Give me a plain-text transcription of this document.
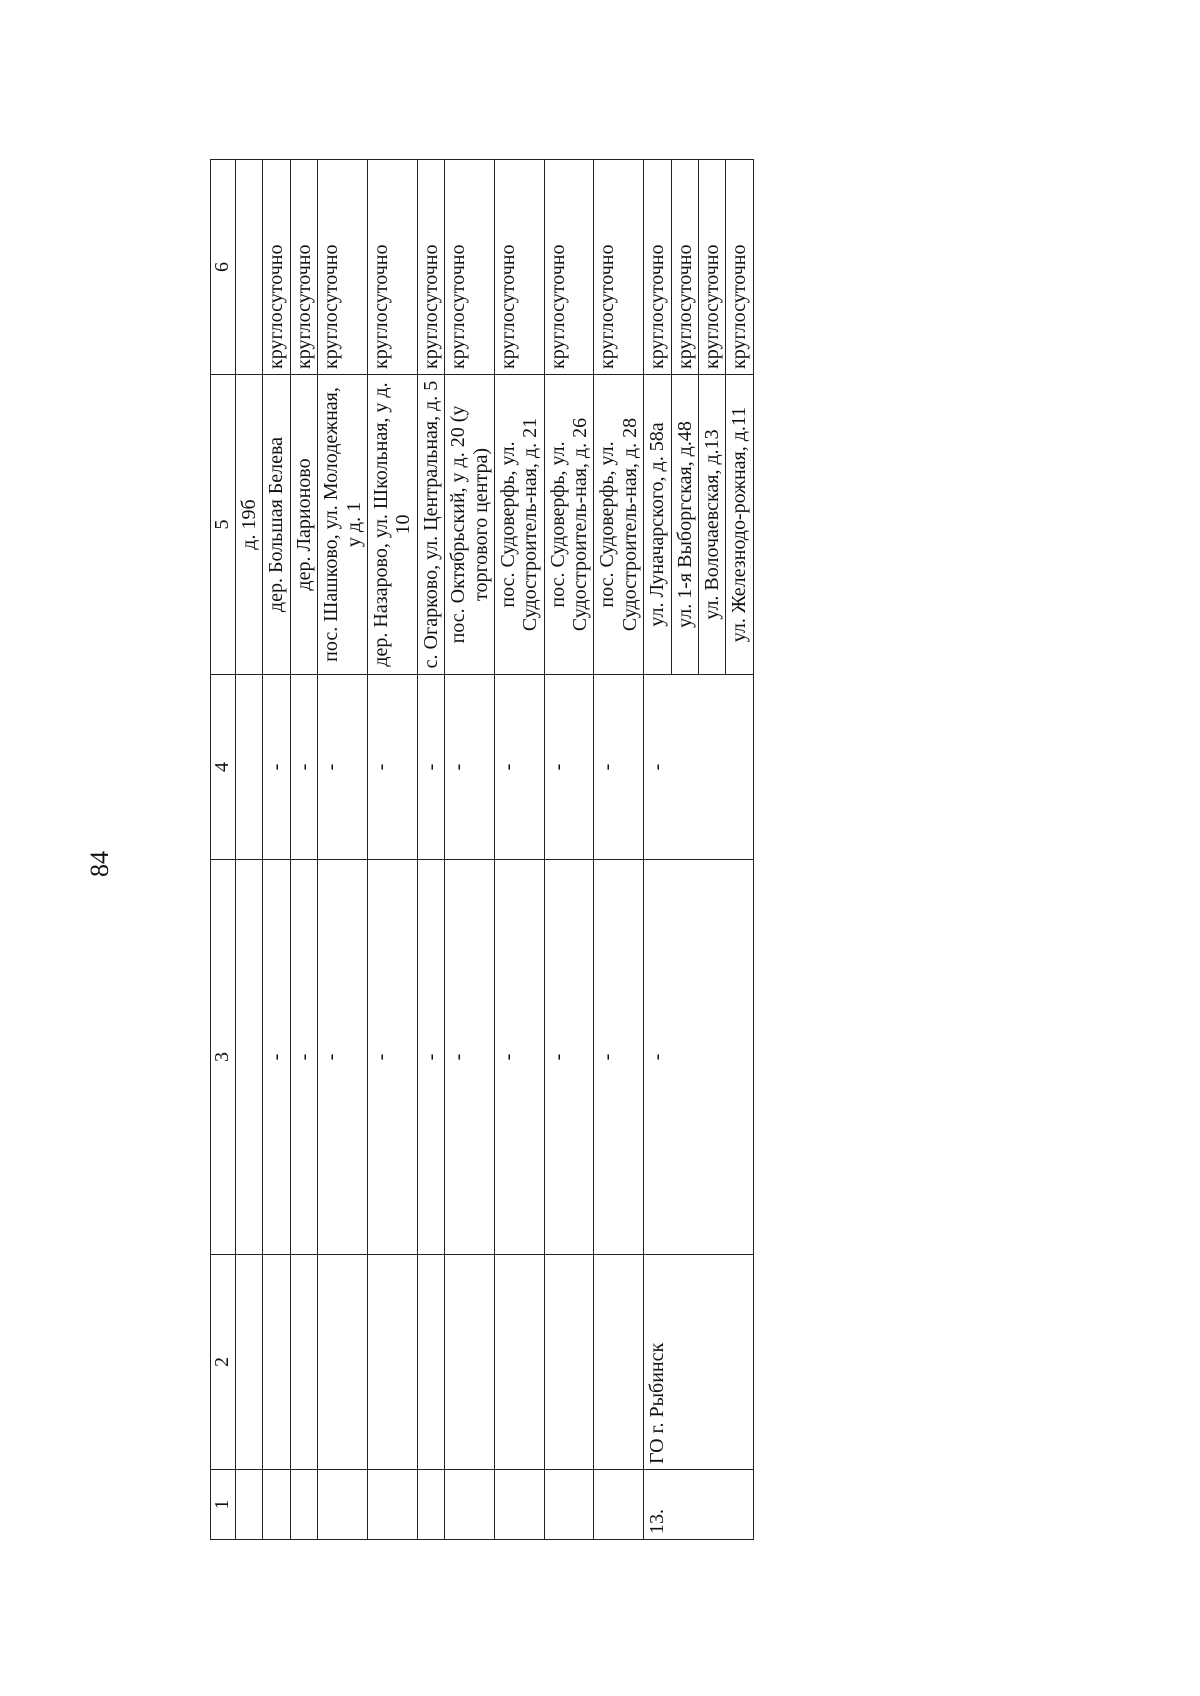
84
1	2	3	4	5	6
				д. 19б	
		-	-	дер. Большая Белева	круглосуточно
		-	-	дер. Ларионово	круглосуточно
		-	-	пос. Шашково, ул. Молодежная, у д. 1	круглосуточно
		-	-	дер. Назарово, ул. Школьная, у д. 10	круглосуточно
		-	-	с. Огарково, ул. Центральная, д. 5	круглосуточно
		-	-	пос. Октябрьский, у д. 20 (у торгового центра)	круглосуточно
		-	-	пос. Судоверфь, ул. Судостроитель-ная, д. 21	круглосуточно
		-	-	пос. Судоверфь, ул. Судостроитель-ная, д. 26	круглосуточно
		-	-	пос. Судоверфь, ул. Судостроитель-ная, д. 28	круглосуточно
13.	ГО г. Рыбинск	-	-	ул. Луначарского, д. 58а	круглосуточно
				ул. 1-я Выборгская, д.48	круглосуточно
				ул. Волочаевская, д.13	круглосуточно
				ул. Железнодо-рожная, д.11	круглосуточно
